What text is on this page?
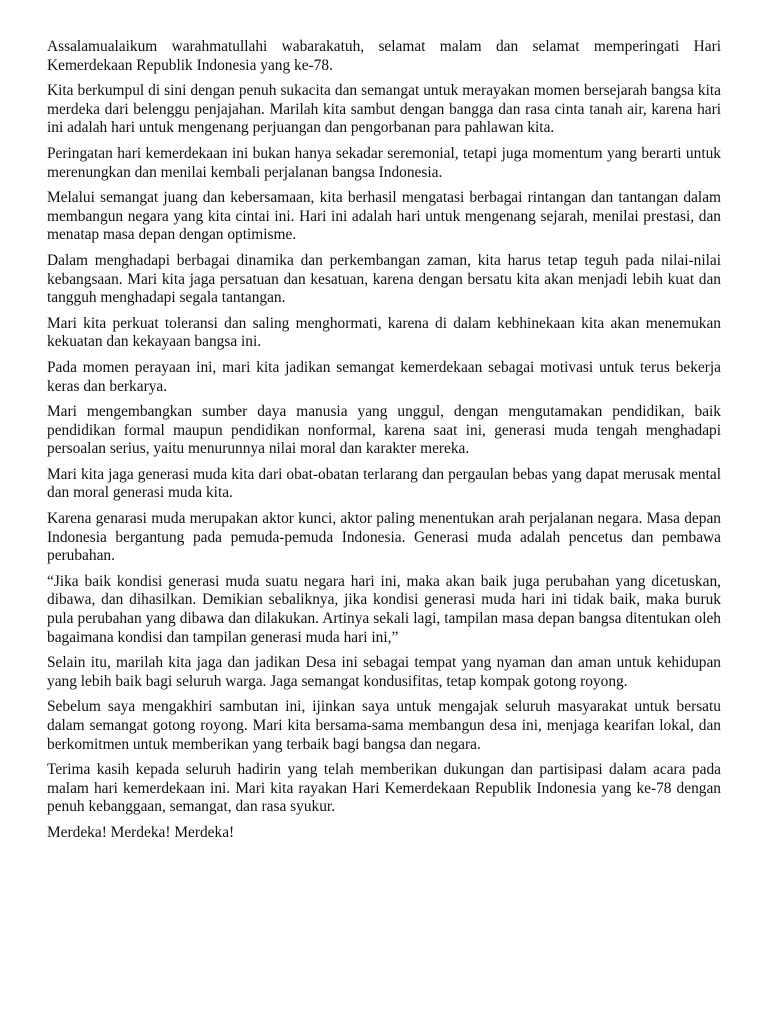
Assalamualaikum warahmatullahi wabarakatuh, selamat malam dan selamat memperingati Hari Kemerdekaan Republik Indonesia yang ke-78.

Kita berkumpul di sini dengan penuh sukacita dan semangat untuk merayakan momen bersejarah bangsa kita merdeka dari belenggu penjajahan. Marilah kita sambut dengan bangga dan rasa cinta tanah air, karena hari ini adalah hari untuk mengenang perjuangan dan pengorbanan para pahlawan kita.

Peringatan hari kemerdekaan ini bukan hanya sekadar seremonial, tetapi juga momentum yang berarti untuk merenungkan dan menilai kembali perjalanan bangsa Indonesia.

Melalui semangat juang dan kebersamaan, kita berhasil mengatasi berbagai rintangan dan tantangan dalam membangun negara yang kita cintai ini. Hari ini adalah hari untuk mengenang sejarah, menilai prestasi, dan menatap masa depan dengan optimisme.

Dalam menghadapi berbagai dinamika dan perkembangan zaman, kita harus tetap teguh pada nilai-nilai kebangsaan. Mari kita jaga persatuan dan kesatuan, karena dengan bersatu kita akan menjadi lebih kuat dan tangguh menghadapi segala tantangan.

Mari kita perkuat toleransi dan saling menghormati, karena di dalam kebhinekaan kita akan menemukan kekuatan dan kekayaan bangsa ini.

Pada momen perayaan ini, mari kita jadikan semangat kemerdekaan sebagai motivasi untuk terus bekerja keras dan berkarya.

Mari mengembangkan sumber daya manusia yang unggul, dengan mengutamakan pendidikan, baik pendidikan formal maupun pendidikan nonformal, karena saat ini, generasi muda tengah menghadapi persoalan serius, yaitu menurunnya nilai moral dan karakter mereka.

Mari kita jaga generasi muda kita dari obat-obatan terlarang dan pergaulan bebas yang dapat merusak mental dan moral generasi muda kita.

Karena genarasi muda merupakan aktor kunci, aktor paling menentukan arah perjalanan negara. Masa depan Indonesia bergantung pada pemuda-pemuda Indonesia. Generasi muda adalah pencetus dan pembawa perubahan.

“Jika baik kondisi generasi muda suatu negara hari ini, maka akan baik juga perubahan yang dicetuskan, dibawa, dan dihasilkan. Demikian sebaliknya, jika kondisi generasi muda hari ini tidak baik, maka buruk pula perubahan yang dibawa dan dilakukan. Artinya sekali lagi, tampilan masa depan bangsa ditentukan oleh bagaimana kondisi dan tampilan generasi muda hari ini,”

Selain itu, marilah kita jaga dan jadikan Desa ini sebagai tempat yang nyaman dan aman untuk kehidupan yang lebih baik bagi seluruh warga. Jaga semangat kondusifitas, tetap kompak gotong royong.

Sebelum saya mengakhiri sambutan ini, ijinkan saya untuk mengajak seluruh masyarakat untuk bersatu dalam semangat gotong royong. Mari kita bersama-sama membangun desa ini, menjaga kearifan lokal, dan berkomitmen untuk memberikan yang terbaik bagi bangsa dan negara.

Terima kasih kepada seluruh hadirin yang telah memberikan dukungan dan partisipasi dalam acara pada malam hari kemerdekaan ini. Mari kita rayakan Hari Kemerdekaan Republik Indonesia yang ke-78 dengan penuh kebanggaan, semangat, dan rasa syukur.

Merdeka! Merdeka! Merdeka!
